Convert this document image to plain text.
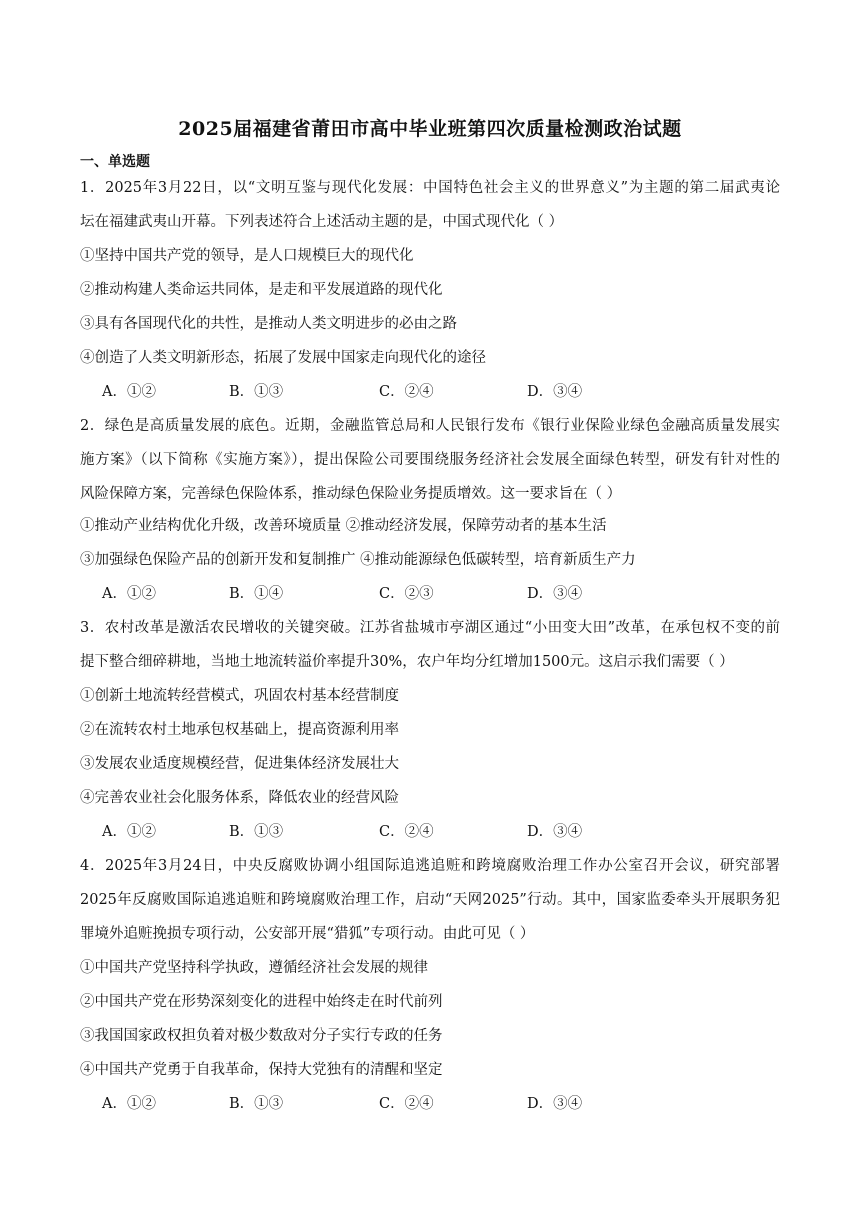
2025届福建省莆田市高中毕业班第四次质量检测政治试题
一、单选题
1．2025年3月22日，以“文明互鉴与现代化发展：中国特色社会主义的世界意义”为主题的第二届武夷论
坛在福建武夷山开幕。下列表述符合上述活动主题的是，中国式现代化（ ）
①坚持中国共产党的领导，是人口规模巨大的现代化
②推动构建人类命运共同体，是走和平发展道路的现代化
③具有各国现代化的共性，是推动人类文明进步的必由之路
④创造了人类文明新形态，拓展了发展中国家走向现代化的途径
A．①②	B．①③	C．②④	D．③④
2．绿色是高质量发展的底色。近期，金融监管总局和人民银行发布《银行业保险业绿色金融高质量发展实
施方案》（以下简称《实施方案》），提出保险公司要围绕服务经济社会发展全面绿色转型，研发有针对性的
风险保障方案，完善绿色保险体系，推动绿色保险业务提质增效。这一要求旨在（ ）
①推动产业结构优化升级，改善环境质量 ②推动经济发展，保障劳动者的基本生活
③加强绿色保险产品的创新开发和复制推广 ④推动能源绿色低碳转型，培育新质生产力
A．①②	B．①④	C．②③	D．③④
3．农村改革是激活农民增收的关键突破。江苏省盐城市亭湖区通过“小田变大田”改革，在承包权不变的前
提下整合细碎耕地，当地土地流转溢价率提升30%，农户年均分红增加1500元。这启示我们需要（ ）
①创新土地流转经营模式，巩固农村基本经营制度
②在流转农村土地承包权基础上，提高资源利用率
③发展农业适度规模经营，促进集体经济发展壮大
④完善农业社会化服务体系，降低农业的经营风险
A．①②	B．①③	C．②④	D．③④
4．2025年3月24日，中央反腐败协调小组国际追逃追赃和跨境腐败治理工作办公室召开会议，研究部署
2025年反腐败国际追逃追赃和跨境腐败治理工作，启动“天网2025”行动。其中，国家监委牵头开展职务犯
罪境外追赃挽损专项行动，公安部开展“猎狐”专项行动。由此可见（ ）
①中国共产党坚持科学执政，遵循经济社会发展的规律
②中国共产党在形势深刻变化的进程中始终走在时代前列
③我国国家政权担负着对极少数敌对分子实行专政的任务
④中国共产党勇于自我革命，保持大党独有的清醒和坚定
A．①②	B．①③	C．②④	D．③④
